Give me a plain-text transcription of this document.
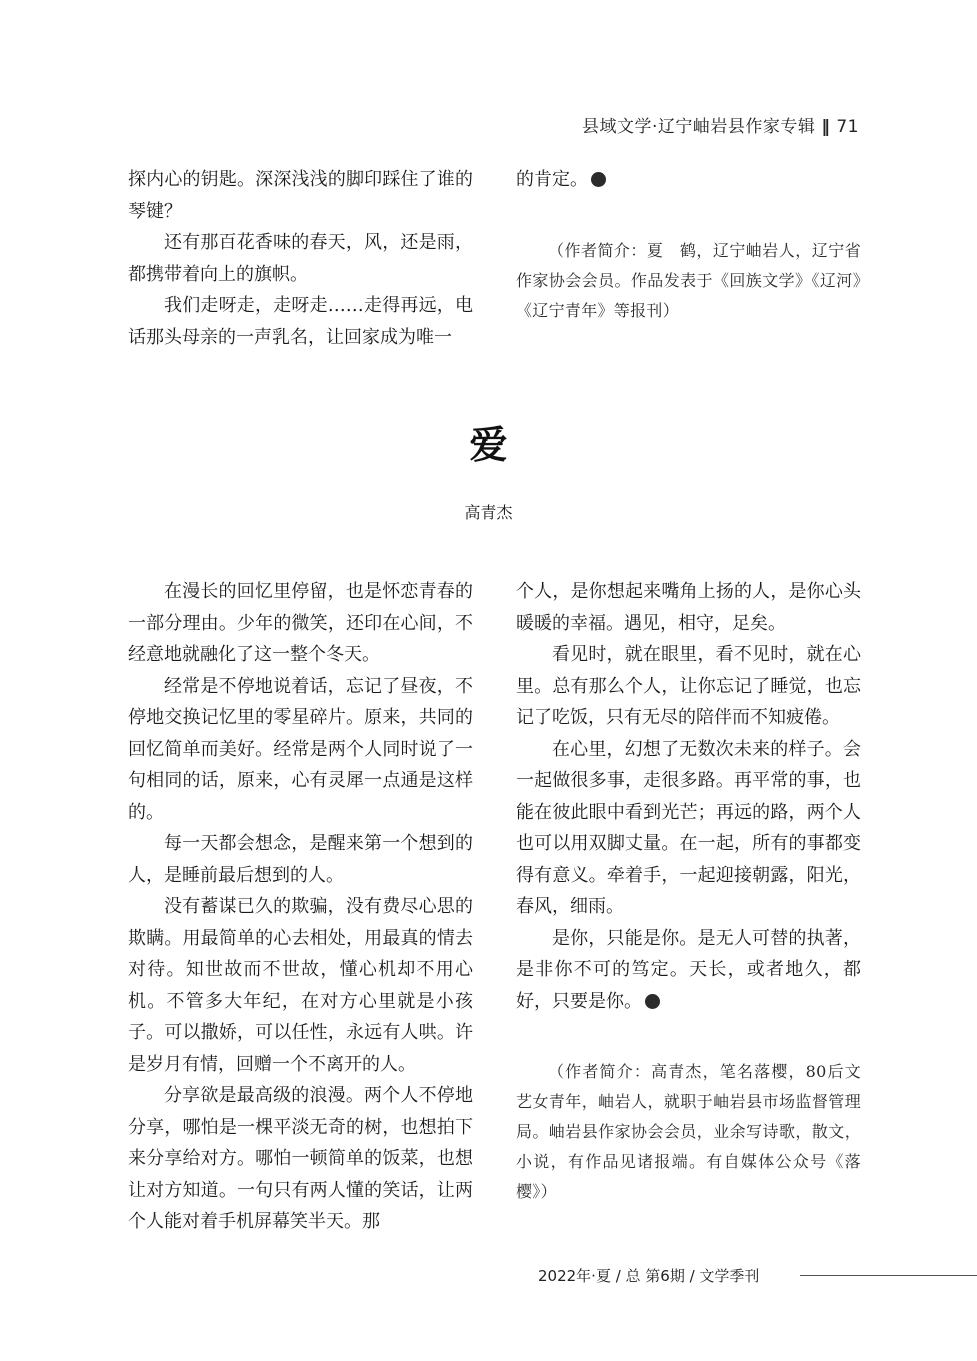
县域文学·辽宁岫岩县作家专辑 ‖ 71

探内心的钥匙。深深浅浅的脚印踩住了谁的琴键？

还有那百花香味的春天，风，还是雨，都携带着向上的旗帜。

我们走呀走，走呀走……走得再远，电话那头母亲的一声乳名，让回家成为唯一

的肯定。

（作者简介：夏　鹤，辽宁岫岩人，辽宁省作家协会会员。作品发表于《回族文学》《辽河》《辽宁青年》等报刊）

爱
高青杰

在漫长的回忆里停留，也是怀恋青春的一部分理由。少年的微笑，还印在心间，不经意地就融化了这一整个冬天。

经常是不停地说着话，忘记了昼夜，不停地交换记忆里的零星碎片。原来，共同的回忆简单而美好。经常是两个人同时说了一句相同的话，原来，心有灵犀一点通是这样的。

每一天都会想念，是醒来第一个想到的人，是睡前最后想到的人。

没有蓄谋已久的欺骗，没有费尽心思的欺瞒。用最简单的心去相处，用最真的情去对待。知世故而不世故，懂心机却不用心机。不管多大年纪，在对方心里就是小孩子。可以撒娇，可以任性，永远有人哄。许是岁月有情，回赠一个不离开的人。

分享欲是最高级的浪漫。两个人不停地分享，哪怕是一棵平淡无奇的树，也想拍下来分享给对方。哪怕一顿简单的饭菜，也想让对方知道。一句只有两人懂的笑话，让两个人能对着手机屏幕笑半天。那

个人，是你想起来嘴角上扬的人，是你心头暖暖的幸福。遇见，相守，足矣。

看见时，就在眼里，看不见时，就在心里。总有那么个人，让你忘记了睡觉，也忘记了吃饭，只有无尽的陪伴而不知疲倦。

在心里，幻想了无数次未来的样子。会一起做很多事，走很多路。再平常的事，也能在彼此眼中看到光芒；再远的路，两个人也可以用双脚丈量。在一起，所有的事都变得有意义。牵着手，一起迎接朝露，阳光，春风，细雨。

是你，只能是你。是无人可替的执著，是非你不可的笃定。天长，或者地久，都好，只要是你。

（作者简介：高青杰，笔名落樱，80后文艺女青年，岫岩人，就职于岫岩县市场监督管理局。岫岩县作家协会会员，业余写诗歌，散文，小说，有作品见诸报端。有自媒体公众号《落樱》）

2022年·夏 / 总 第6期 / 文学季刊
